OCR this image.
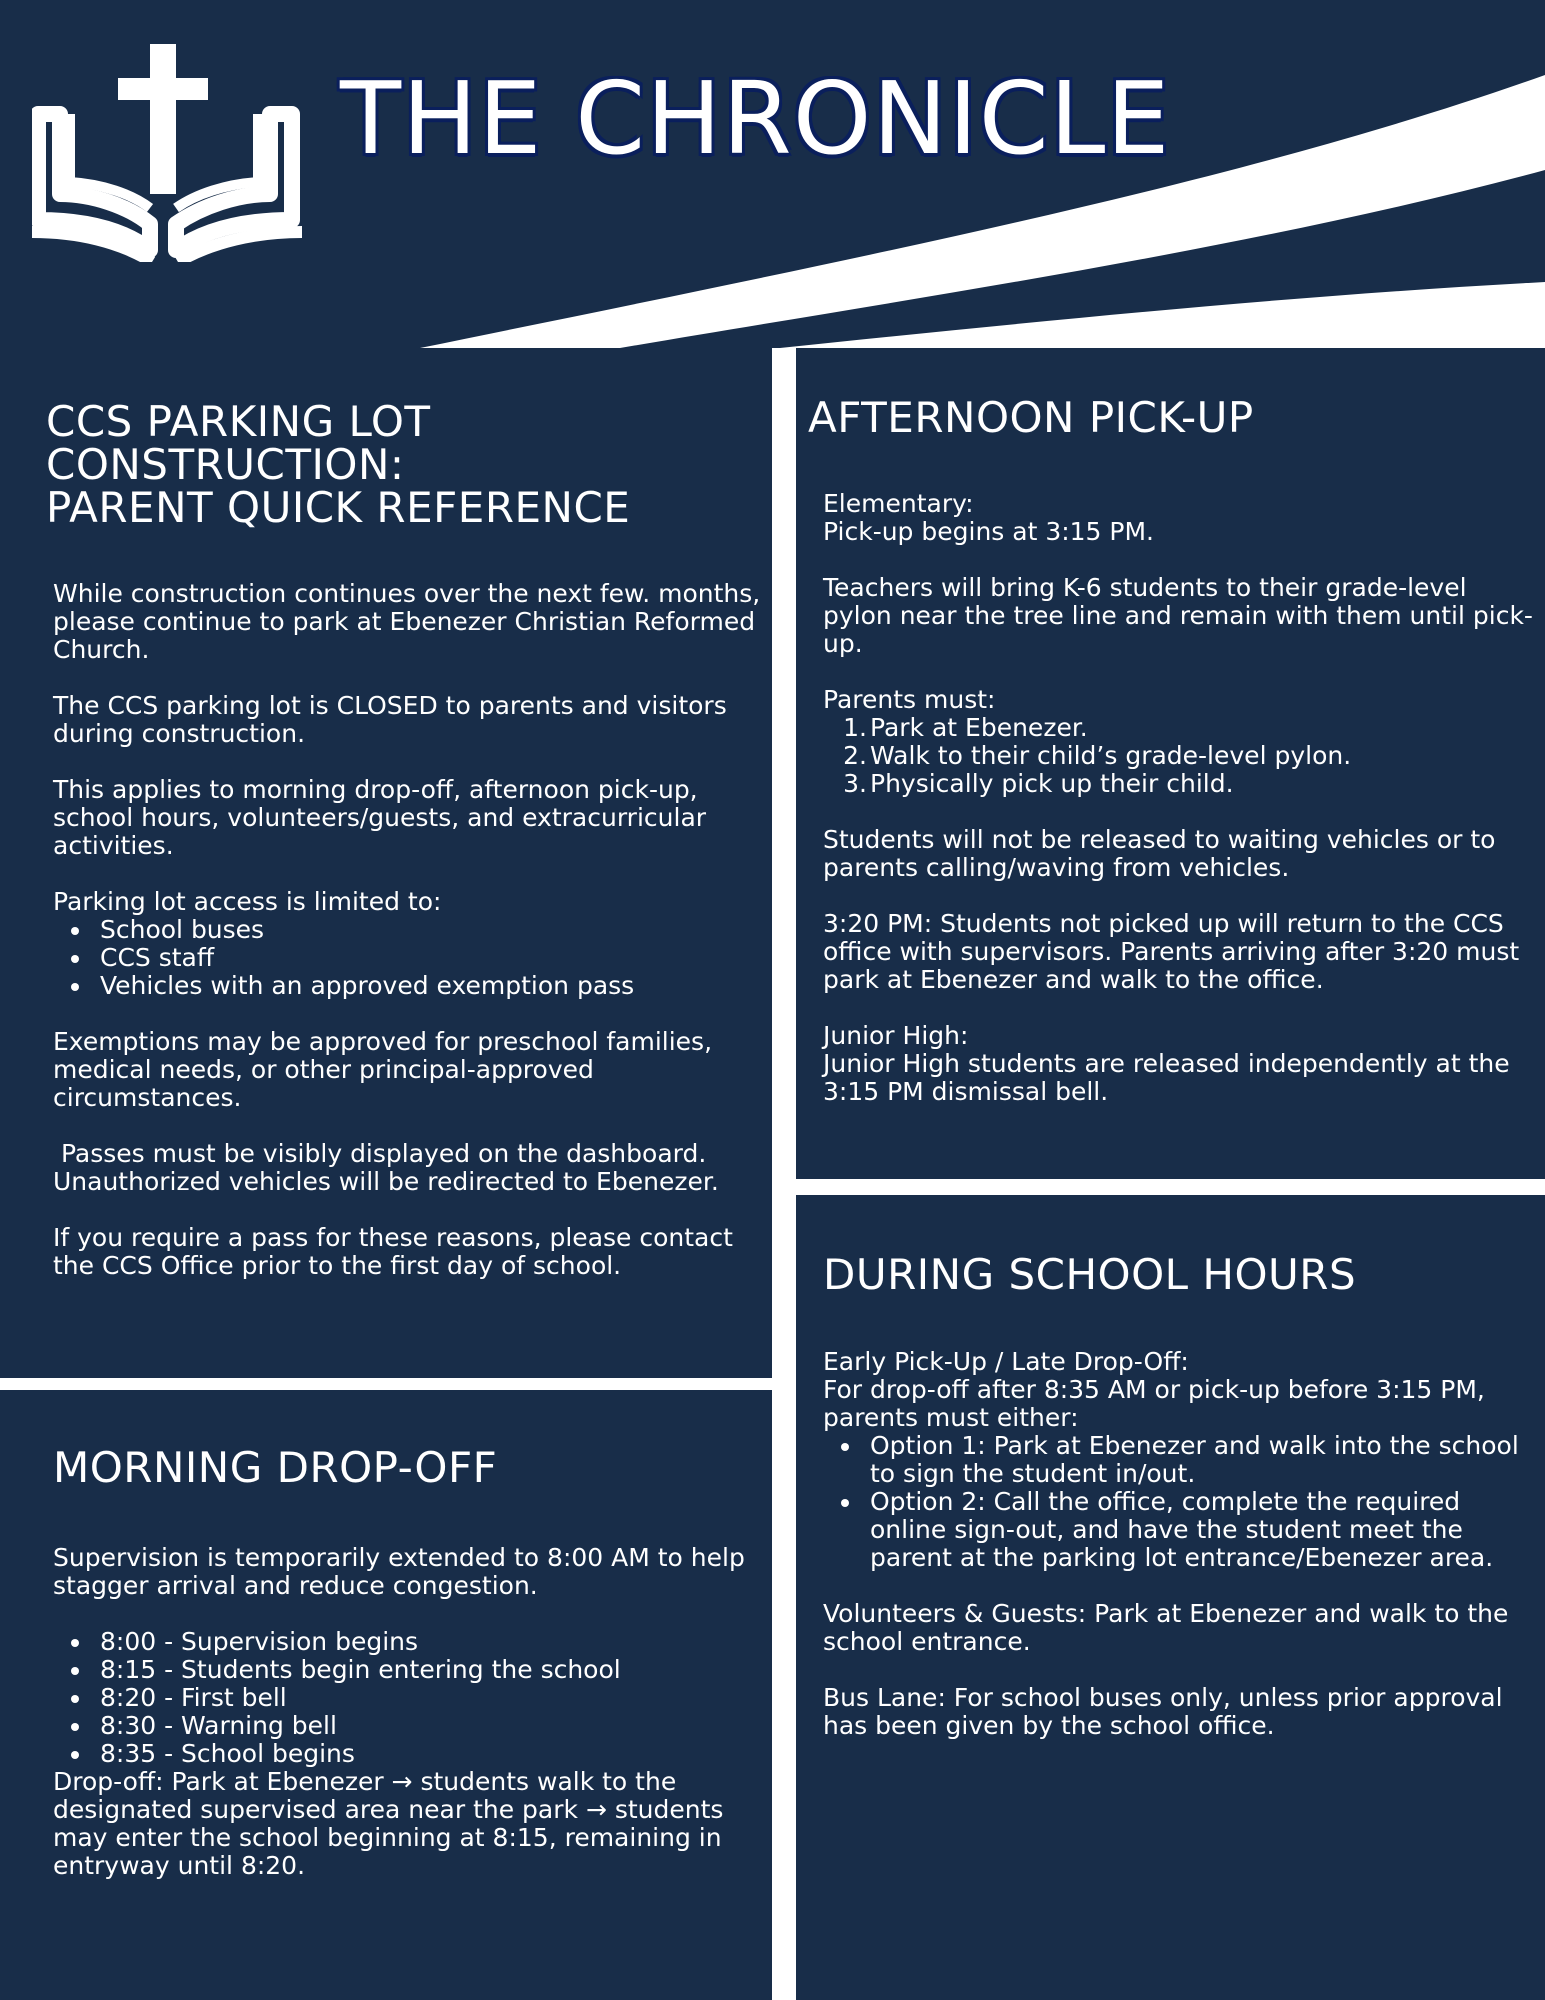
THE CHRONICLE
CCS PARKING LOT
CONSTRUCTION:
PARENT QUICK REFERENCE

While construction continues over the next few. months, please continue to park at Ebenezer Christian Reformed Church.

The CCS parking lot is CLOSED to parents and visitors during construction.

This applies to morning drop-off, afternoon pick-up, school hours, volunteers/guests, and extracurricular activities.

Parking lot access is limited to:
School buses
CCS staff
Vehicles with an approved exemption pass

Exemptions may be approved for preschool families, medical needs, or other principal-approved circumstances.

Passes must be visibly displayed on the dashboard. Unauthorized vehicles will be redirected to Ebenezer.

If you require a pass for these reasons, please contact the CCS Office prior to the first day of school.

MORNING DROP-OFF

Supervision is temporarily extended to 8:00 AM to help stagger arrival and reduce congestion.

8:00 - Supervision begins
8:15 - Students begin entering the school
8:20 - First bell
8:30 - Warning bell
8:35 - School begins

Drop-off: Park at Ebenezer → students walk to the designated supervised area near the park → students may enter the school beginning at 8:15, remaining in entryway until 8:20.

AFTERNOON PICK-UP
Elementary:
Pick-up begins at 3:15 PM.

Teachers will bring K-6 students to their grade-level pylon near the tree line and remain with them until pick-up.

Parents must:
1. Park at Ebenezer.
2. Walk to their child’s grade-level pylon.
3. Physically pick up their child.

Students will not be released to waiting vehicles or to parents calling/waving from vehicles.

3:20 PM: Students not picked up will return to the CCS office with supervisors. Parents arriving after 3:20 must park at Ebenezer and walk to the office.

Junior High:
Junior High students are released independently at the 3:15 PM dismissal bell.
DURING SCHOOL HOURS
Early Pick-Up / Late Drop-Off:
For drop-off after 8:35 AM or pick-up before 3:15 PM, parents must either:
Option 1: Park at Ebenezer and walk into the school to sign the student in/out.
Option 2: Call the office, complete the required online sign-out, and have the student meet the parent at the parking lot entrance/Ebenezer area.

Volunteers & Guests: Park at Ebenezer and walk to the school entrance.

Bus Lane: For school buses only, unless prior approval has been given by the school office.
